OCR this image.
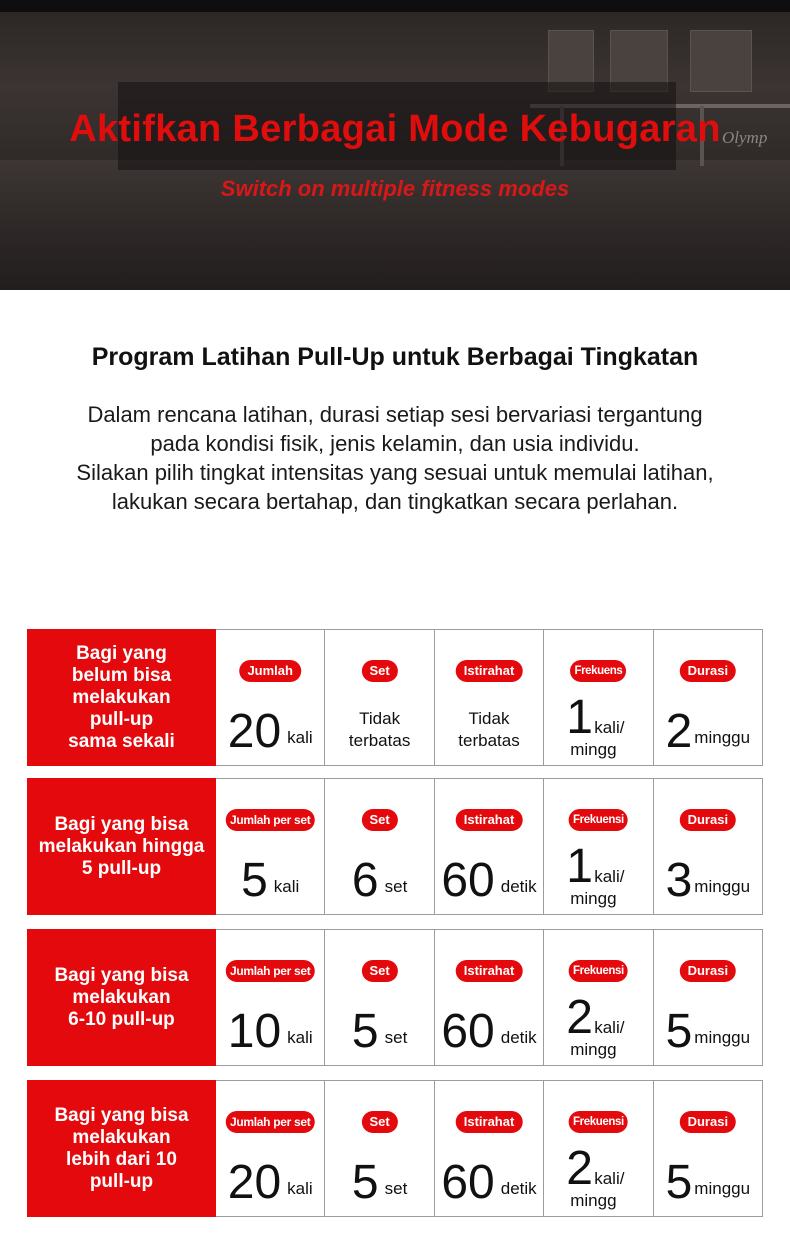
Aktifkan Berbagai Mode Kebugaran
Switch on multiple fitness modes
Olymp
Program Latihan Pull-Up untuk Berbagai Tingkatan
Dalam rencana latihan, durasi setiap sesi bervariasi tergantung
pada kondisi fisik, jenis kelamin, dan usia individu.
Silakan pilih tingkat intensitas yang sesuai untuk memulai latihan,
lakukan secara bertahap, dan tingkatkan secara perlahan.
Bagi yang
belum bisa
melakukan
pull-up
sama sekali
Jumlah
20 kali
Set
Tidak
terbatas
Istirahat
Tidak
terbatas
Frekuens
1 kali/
mingg
Durasi
2 minggu
Bagi yang bisa
melakukan hingga
5 pull-up
Jumlah per set
5 kali
Set
6 set
Istirahat
60 detik
Frekuensi
1 kali/
mingg
Durasi
3 minggu
Bagi yang bisa
melakukan
6-10 pull-up
Jumlah per set
10 kali
Set
5 set
Istirahat
60 detik
Frekuensi
2 kali/
mingg
Durasi
5 minggu
Bagi yang bisa
melakukan
lebih dari 10
pull-up
Jumlah per set
20 kali
Set
5 set
Istirahat
60 detik
Frekuensi
2 kali/
mingg
Durasi
5 minggu
